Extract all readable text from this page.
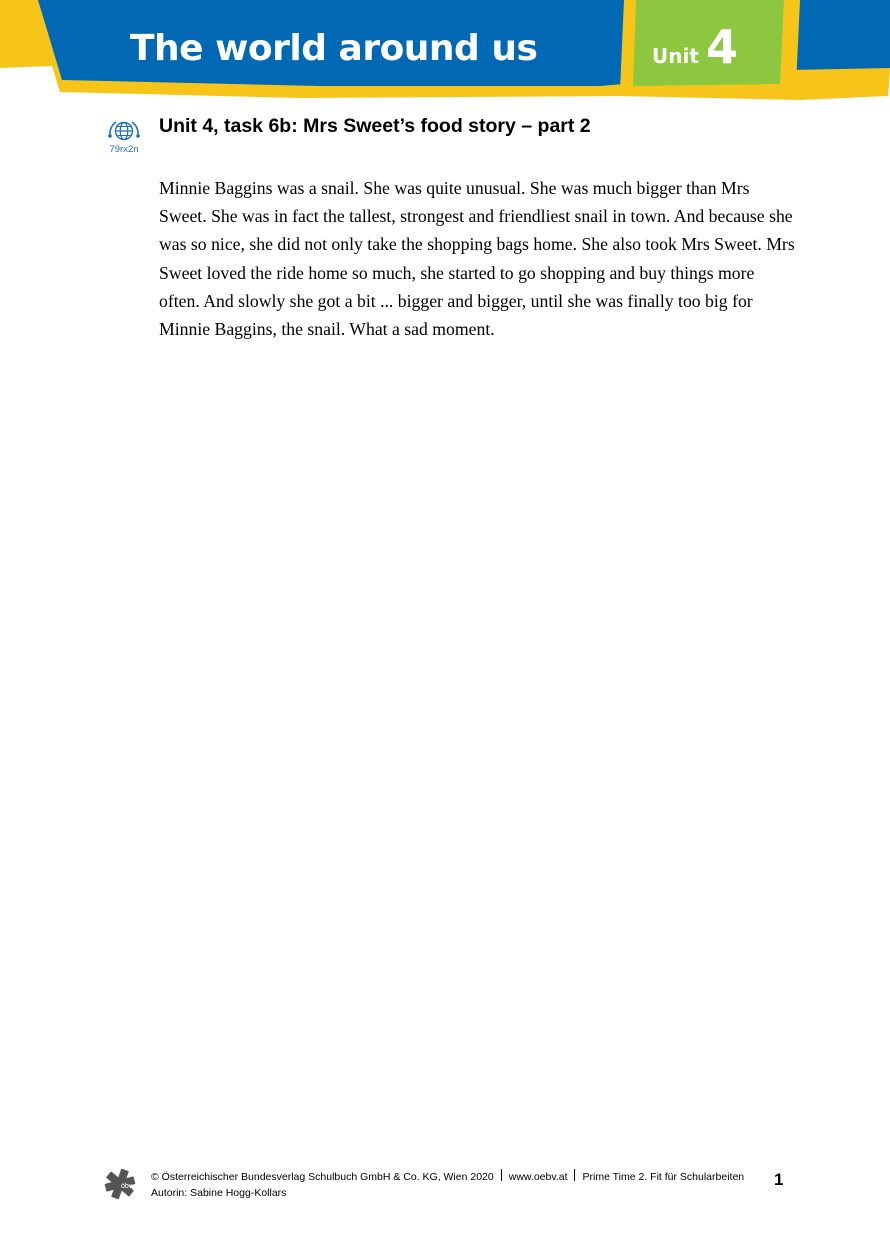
The world around us	Unit 4
79rx2n
Unit 4, task 6b: Mrs Sweet’s food story – part 2

Minnie Baggins was a snail. She was quite unusual. She was much bigger than Mrs Sweet. She was in fact the tallest, strongest and friendliest snail in town. And because she was so nice, she did not only take the shopping bags home. She also took Mrs Sweet. Mrs Sweet loved the ride home so much, she started to go shopping and buy things more often. And slowly she got a bit ... bigger and bigger, until she was finally too big for Minnie Baggins, the snail. What a sad moment.

öbv
© Österreichischer Bundesverlag Schulbuch GmbH & Co. KG, Wien 2020 www.oebv.at Prime Time 2. Fit für Schularbeiten
Autorin: Sabine Hogg-Kollars
1
